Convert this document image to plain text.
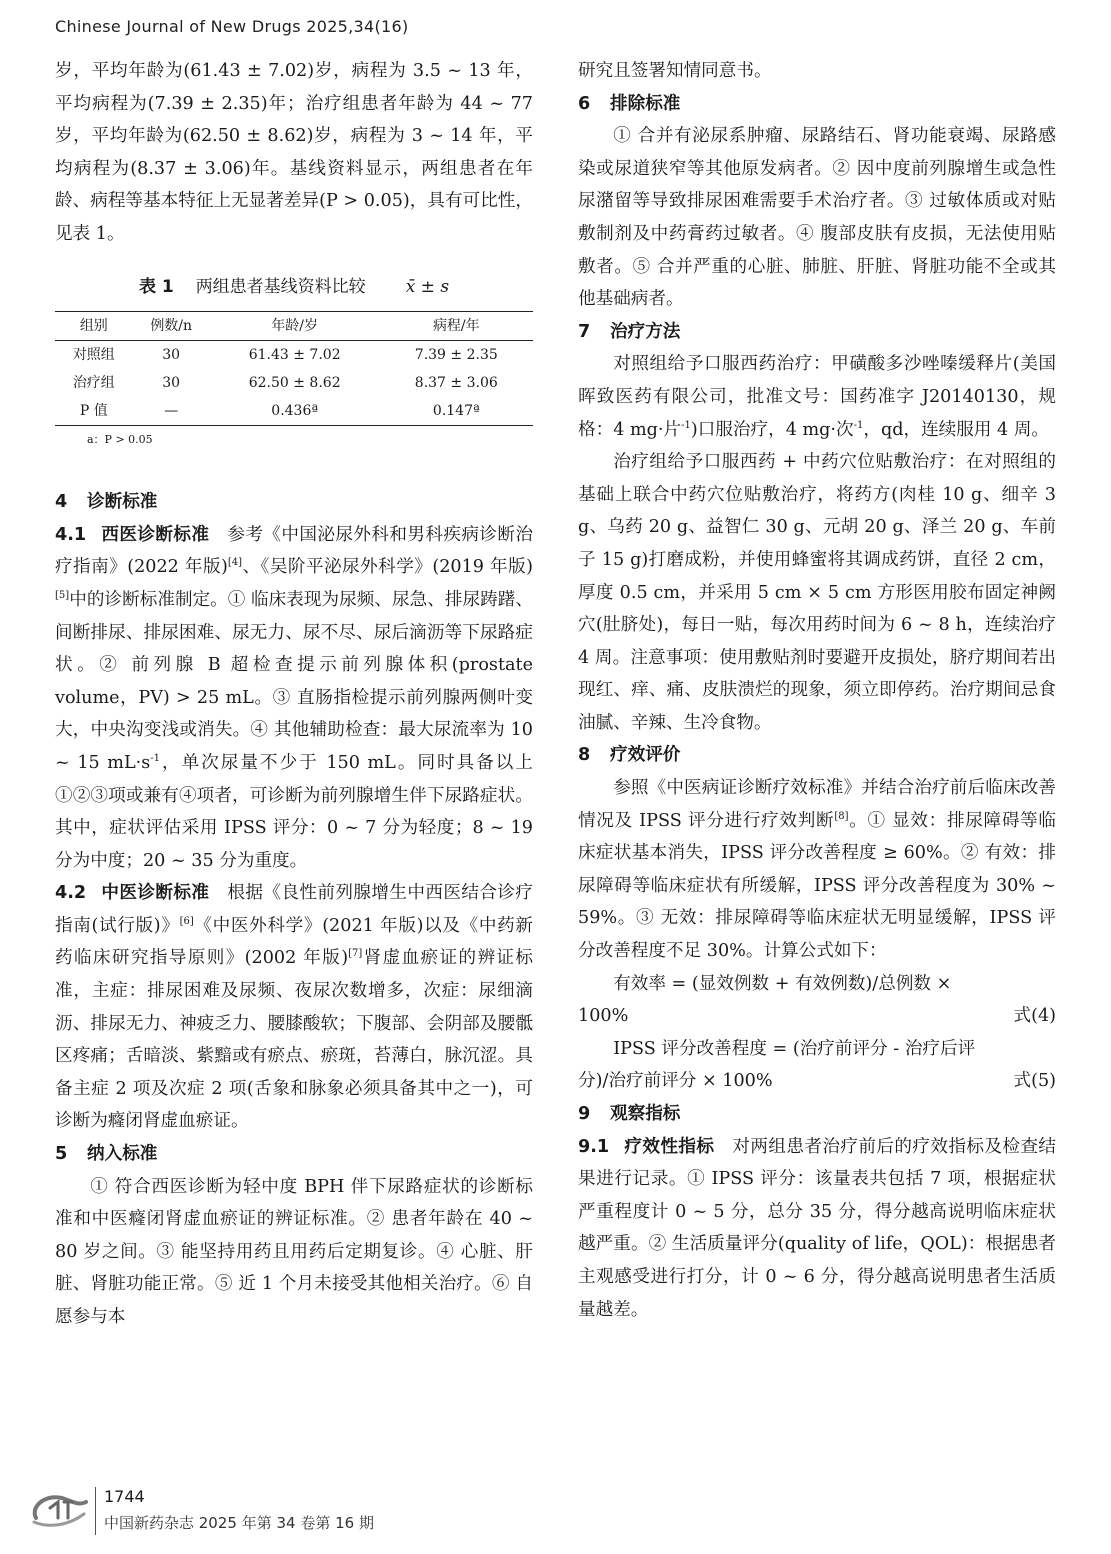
Chinese Journal of New Drugs 2025,34(16)

岁，平均年龄为(61.43 ± 7.02)岁，病程为 3.5 ~ 13 年，平均病程为(7.39 ± 2.35)年；治疗组患者年龄为 44 ~ 77 岁，平均年龄为(62.50 ± 8.62)岁，病程为 3 ~ 14 年，平均病程为(8.37 ± 3.06)年。基线资料显示，两组患者在年龄、病程等基本特征上无显著差异(P > 0.05)，具有可比性，见表 1。

表 1 两组患者基线资料比较 x̄ ± s
组别	例数/n	年龄/岁	病程/年
对照组	30	61.43 ± 7.02	7.39 ± 2.35
治疗组	30	62.50 ± 8.62	8.37 ± 3.06
P 值	—	0.436ª	0.147ª
a：P > 0.05

4 诊断标准

4.1 西医诊断标准 参考《中国泌尿外科和男科疾病诊断治疗指南》(2022 年版)[4]、《吴阶平泌尿外科学》(2019 年版)[5]中的诊断标准制定。① 临床表现为尿频、尿急、排尿踌躇、间断排尿、排尿困难、尿无力、尿不尽、尿后滴沥等下尿路症状。② 前列腺 B 超检查提示前列腺体积(prostate volume，PV) > 25 mL。③ 直肠指检提示前列腺两侧叶变大，中央沟变浅或消失。④ 其他辅助检查：最大尿流率为 10 ~ 15 $mL\cdot s^{-1}$，单次尿量不少于 150 mL。同时具备以上①②③项或兼有④项者，可诊断为前列腺增生伴下尿路症状。其中，症状评估采用 IPSS 评分：0 ~ 7 分为轻度；8 ~ 19 分为中度；20 ~ 35 分为重度。

4.2 中医诊断标准 根据《良性前列腺增生中西医结合诊疗指南(试行版)》[6]《中医外科学》(2021 年版)以及《中药新药临床研究指导原则》(2002 年版)[7]肾虚血瘀证的辨证标准，主症：排尿困难及尿频、夜尿次数增多，次症：尿细滴沥、排尿无力、神疲乏力、腰膝酸软；下腹部、会阴部及腰骶区疼痛；舌暗淡、紫黯或有瘀点、瘀斑，苔薄白，脉沉涩。具备主症 2 项及次症 2 项(舌象和脉象必须具备其中之一)，可诊断为癃闭肾虚血瘀证。

5 纳入标准

① 符合西医诊断为轻中度 BPH 伴下尿路症状的诊断标准和中医癃闭肾虚血瘀证的辨证标准。② 患者年龄在 40 ~ 80 岁之间。③ 能坚持用药且用药后定期复诊。④ 心脏、肝脏、肾脏功能正常。⑤ 近 1 个月未接受其他相关治疗。⑥ 自愿参与本

研究且签署知情同意书。

6 排除标准

① 合并有泌尿系肿瘤、尿路结石、肾功能衰竭、尿路感染或尿道狭窄等其他原发病者。② 因中度前列腺增生或急性尿潴留等导致排尿困难需要手术治疗者。③ 过敏体质或对贴敷制剂及中药膏药过敏者。④ 腹部皮肤有皮损，无法使用贴敷者。⑤ 合并严重的心脏、肺脏、肝脏、肾脏功能不全或其他基础病者。

7 治疗方法

对照组给予口服西药治疗：甲磺酸多沙唑嗪缓释片(美国晖致医药有限公司，批准文号：国药准字 J20140130，规格：4 mg·片$^{-1}$)口服治疗，4 mg·次$^{-1}$，qd，连续服用 4 周。

治疗组给予口服西药 + 中药穴位贴敷治疗：在对照组的基础上联合中药穴位贴敷治疗，将药方(肉桂 10 g、细辛 3 g、乌药 20 g、益智仁 30 g、元胡 20 g、泽兰 20 g、车前子 15 g)打磨成粉，并使用蜂蜜将其调成药饼，直径 2 cm，厚度 0.5 cm，并采用 5 cm × 5 cm 方形医用胶布固定神阙穴(肚脐处)，每日一贴，每次用药时间为 6 ~ 8 h，连续治疗 4 周。注意事项：使用敷贴剂时要避开皮损处，脐疗期间若出现红、痒、痛、皮肤溃烂的现象，须立即停药。治疗期间忌食油腻、辛辣、生冷食物。

8 疗效评价

参照《中医病证诊断疗效标准》并结合治疗前后临床改善情况及 IPSS 评分进行疗效判断[8]。① 显效：排尿障碍等临床症状基本消失，IPSS 评分改善程度 ≥ 60%。② 有效：排尿障碍等临床症状有所缓解，IPSS 评分改善程度为 30% ~ 59%。③ 无效：排尿障碍等临床症状无明显缓解，IPSS 评分改善程度不足 30%。计算公式如下：

有效率 = (显效例数 + 有效例数)/总例数 ×

100%	式(4)

IPSS 评分改善程度 = (治疗前评分 - 治疗后评

分)/治疗前评分 × 100%	式(5)

9 观察指标

9.1 疗效性指标 对两组患者治疗前后的疗效指标及检查结果进行记录。① IPSS 评分：该量表共包括 7 项，根据症状严重程度计 0 ~ 5 分，总分 35 分，得分越高说明临床症状越严重。② 生活质量评分(quality of life，QOL)：根据患者主观感受进行打分，计 0 ~ 6 分，得分越高说明患者生活质量越差。

1744
中国新药杂志 2025 年第 34 卷第 16 期
